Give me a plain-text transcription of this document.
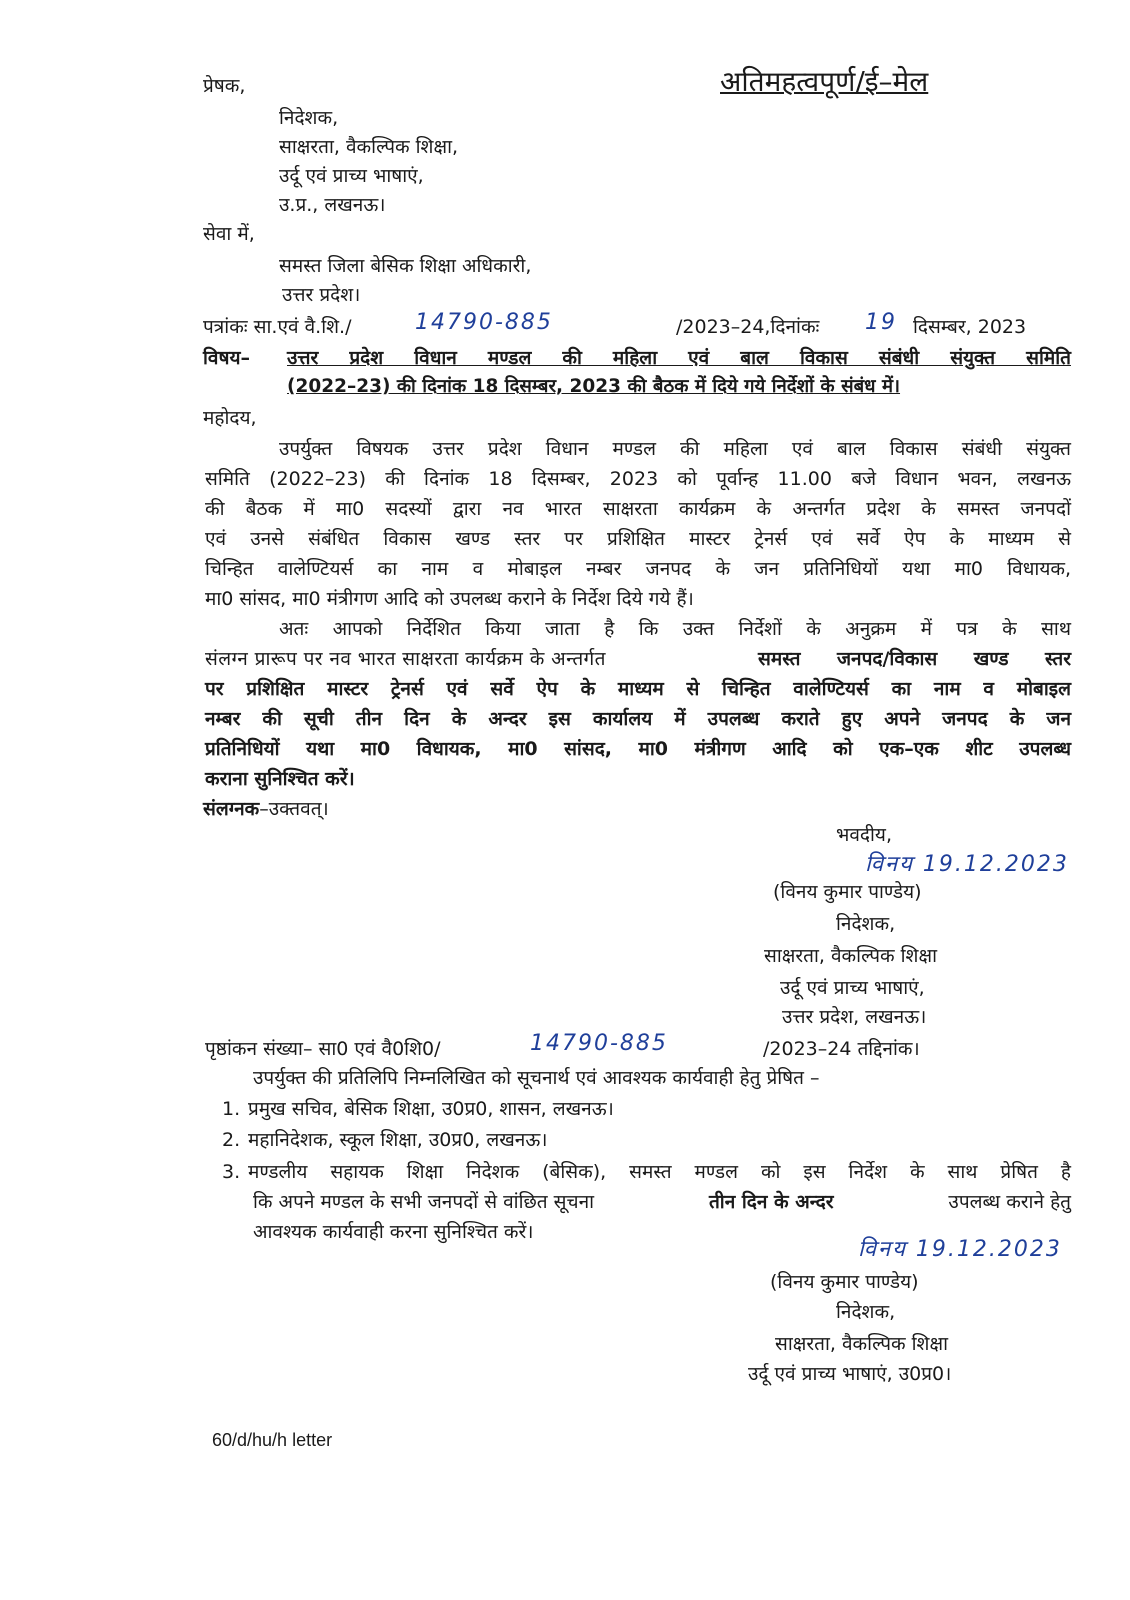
अतिमहत्वपूर्ण/ई–मेल
प्रेषक,
निदेशक,
साक्षरता, वैकल्पिक शिक्षा,
उर्दू एवं प्राच्य भाषाएं,
उ.प्र., लखनऊ।
सेवा में,
समस्त जिला बेसिक शिक्षा अधिकारी,
उत्तर प्रदेश।
पत्रांकः सा.एवं वै.शि./	14790-885	/2023–24,दिनांकः 19 दिसम्बर, 2023
विषय– उत्तर प्रदेश विधान मण्डल की महिला एवं बाल विकास संबंधी संयुक्त समिति
(2022–23) की दिनांक 18 दिसम्बर, 2023 की बैठक में दिये गये निर्देशों के संबंध में।
महोदय,
उपर्युक्त विषयक उत्तर प्रदेश विधान मण्डल की महिला एवं बाल विकास संबंधी संयुक्त
समिति (2022–23) की दिनांक 18 दिसम्बर, 2023 को पूर्वान्ह 11.00 बजे विधान भवन, लखनऊ
की बैठक में मा0 सदस्यों द्वारा नव भारत साक्षरता कार्यक्रम के अन्तर्गत प्रदेश के समस्त जनपदों
एवं उनसे संबंधित विकास खण्ड स्तर पर प्रशिक्षित मास्टर ट्रेनर्स एवं सर्वे ऐप के माध्यम से
चिन्हित वालेण्टियर्स का नाम व मोबाइल नम्बर जनपद के जन प्रतिनिधियों यथा मा0 विधायक,
मा0 सांसद, मा0 मंत्रीगण आदि को उपलब्ध कराने के निर्देश दिये गये हैं।
अतः आपको निर्देशित किया जाता है कि उक्त निर्देशों के अनुक्रम में पत्र के साथ
संलग्न प्रारूप पर नव भारत साक्षरता कार्यक्रम के अन्तर्गत	समस्त जनपद/विकास खण्ड स्तर
पर प्रशिक्षित मास्टर ट्रेनर्स एवं सर्वे ऐप के माध्यम से चिन्हित वालेण्टियर्स का नाम व मोबाइल
नम्बर की सूची तीन दिन के अन्दर इस कार्यालय में उपलब्ध कराते हुए अपने जनपद के जन
प्रतिनिधियों यथा मा0 विधायक, मा0 सांसद, मा0 मंत्रीगण आदि को एक–एक शीट उपलब्ध
कराना सुनिश्चित करें।
संलग्नक–उक्तवत्।
भवदीय,
विनय 19.12.2023
(विनय कुमार पाण्डेय)
निदेशक,
साक्षरता, वैकल्पिक शिक्षा
उर्दू एवं प्राच्य भाषाएं,
उत्तर प्रदेश, लखनऊ।
पृष्ठांकन संख्या– सा0 एवं वै0शि0/	14790-885	/2023–24 तद्दिनांक।
उपर्युक्त की प्रतिलिपि निम्नलिखित को सूचनार्थ एवं आवश्यक कार्यवाही हेतु प्रेषित –
1. प्रमुख सचिव, बेसिक शिक्षा, उ0प्र0, शासन, लखनऊ।
2. महानिदेशक, स्कूल शिक्षा, उ0प्र0, लखनऊ।
3. मण्डलीय सहायक शिक्षा निदेशक (बेसिक), समस्त मण्डल को इस निर्देश के साथ प्रेषित है
कि अपने मण्डल के सभी जनपदों से वांछित सूचना	तीन दिन के अन्दर	उपलब्ध कराने हेतु
आवश्यक कार्यवाही करना सुनिश्चित करें।
विनय 19.12.2023
(विनय कुमार पाण्डेय)
निदेशक,
साक्षरता, वैकल्पिक शिक्षा
उर्दू एवं प्राच्य भाषाएं, उ0प्र0।
60/d/hu/h letter
